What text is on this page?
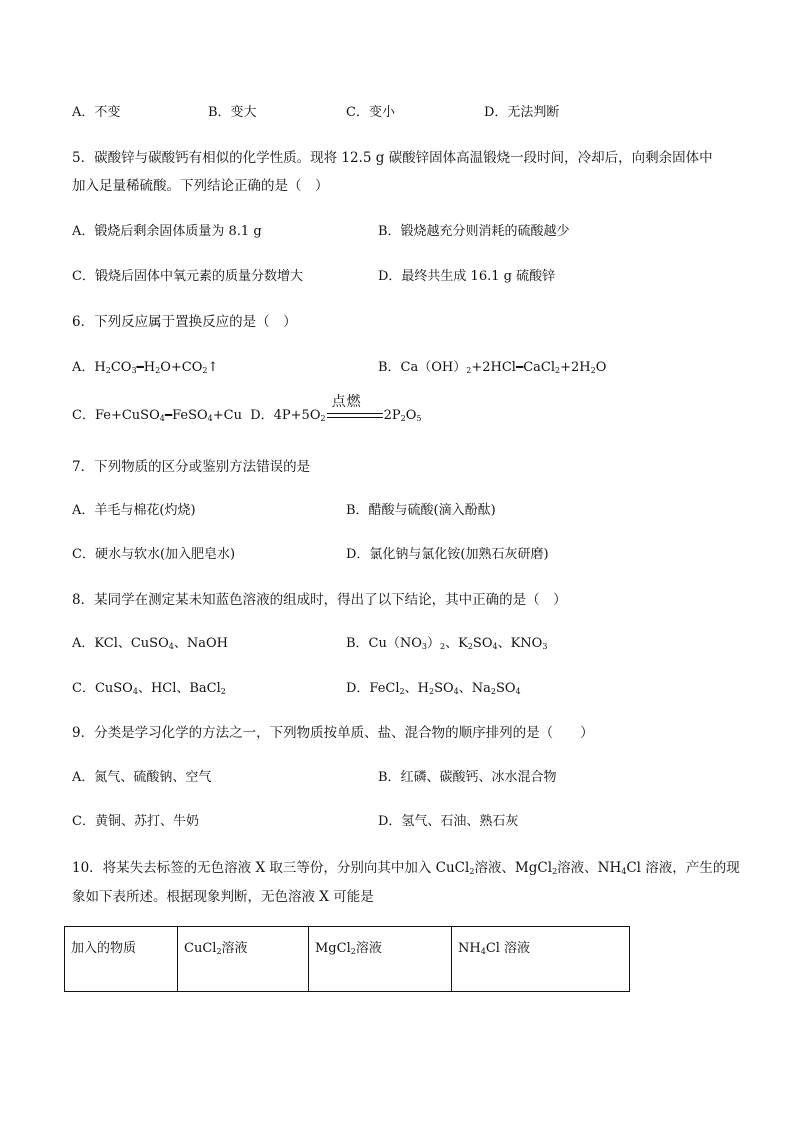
A．不变	B．变大	C．变小	D．无法判断
5．碳酸锌与碳酸钙有相似的化学性质。现将 12.5 g 碳酸锌固体高温锻烧一段时间，冷却后，向剩余固体中
加入足量稀硫酸。下列结论正确的是（　）
A．锻烧后剩余固体质量为 8.1 g	B．锻烧越充分则消耗的硫酸越少
C．锻烧后固体中氧元素的质量分数增大	D．最终共生成 16.1 g 硫酸锌
6．下列反应属于置换反应的是（　）
A．$H_2CO_3━H_2O+CO_2↑$	B．$Ca(OH)_2+2HCl━CaCl_2+2H_2O$
C．Fe+CuSO$_4$━FeSO$_4$+Cu D．$4P+5O_2$
点燃
$2P_2O_5$
7．下列物质的区分或鉴别方法错误的是
A．羊毛与棉花(灼烧)	B．醋酸与硫酸(滴入酚酞)
C．硬水与软水(加入肥皂水)	D．氯化钠与氯化铵(加熟石灰研磨)
8．某同学在测定某未知蓝色溶液的组成时，得出了以下结论，其中正确的是（　）
A．KCl、CuSO$_4$、NaOH	B．$Cu(NO_3)_2$、$K_2SO_4$、$KNO_3$
C．CuSO$_4$、HCl、BaCl$_2$	D．FeCl$_2$、$H_2SO_4$、$Na_2SO_4$
9．分类是学习化学的方法之一，下列物质按单质、盐、混合物的顺序排列的是（　　）
A．氮气、硫酸钠、空气	B．红磷、碳酸钙、冰水混合物
C．黄铜、苏打、牛奶	D．氢气、石油、熟石灰
10．将某失去标签的无色溶液 X 取三等份，分别向其中加入 CuCl$_2$溶液、MgCl$_2$溶液、$NH_4Cl$ 溶液，产生的现
象如下表所述。根据现象判断，无色溶液 X 可能是
加入的物质	CuCl$_2$溶液	MgCl$_2$溶液	$NH_4Cl$ 溶液
